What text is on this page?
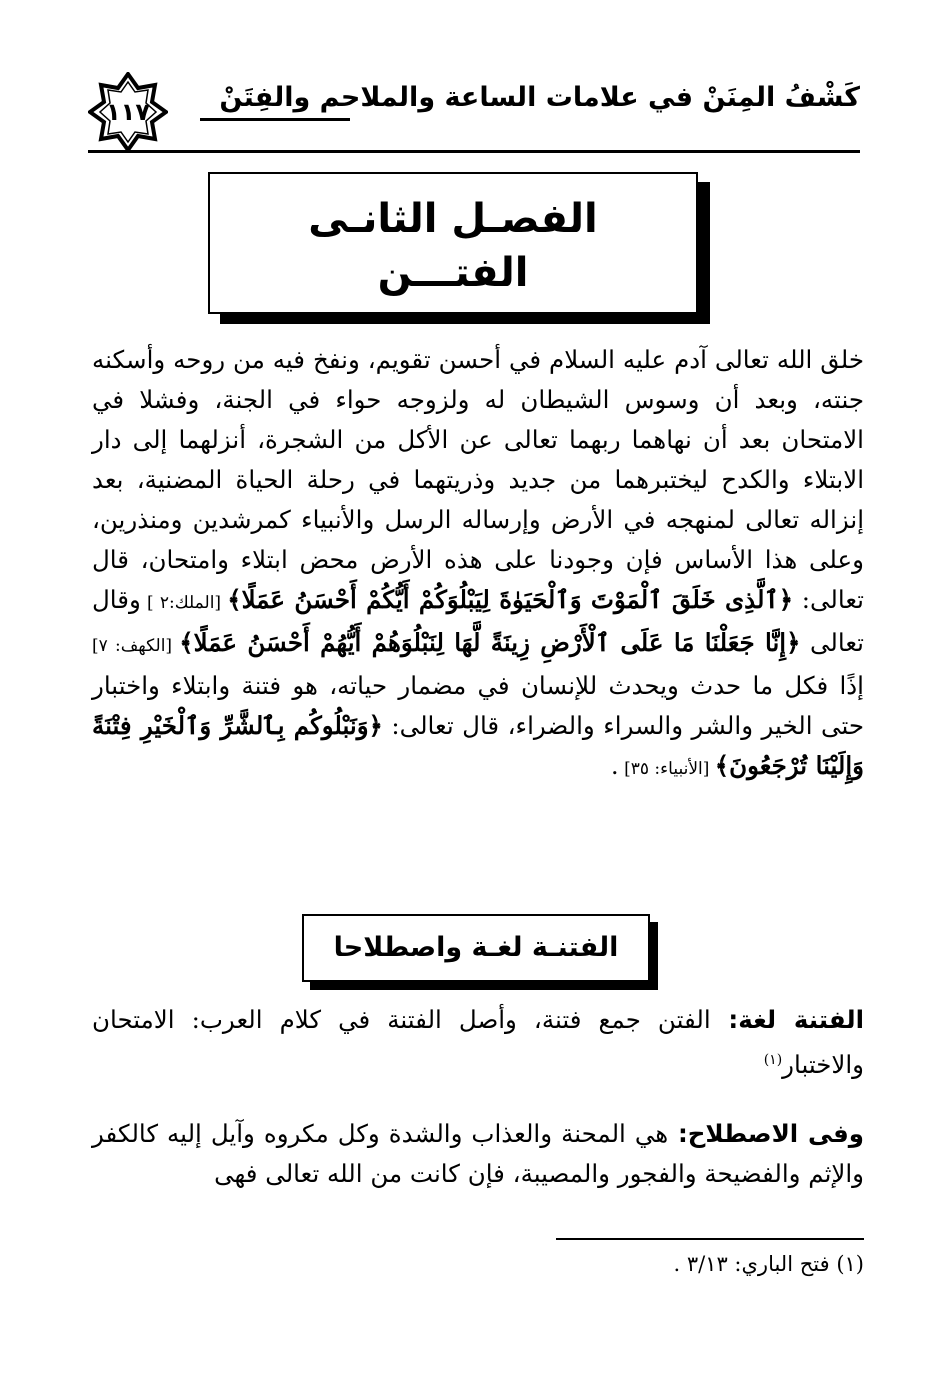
١١٧	كَشْفُ المِنَنْ في علامات الساعة والملاحم والفِتَنْ
الفصـل الثانـى
الفتـــن

خلق الله تعالى آدم عليه السلام في أحسن تقويم، ونفخ فيه من روحه وأسكنه جنته، وبعد أن وسوس الشيطان له ولزوجه حواء في الجنة، وفشلا في الامتحان بعد أن نهاهما ربهما تعالى عن الأكل من الشجرة، أنزلهما إلى دار الابتلاء والكدح ليختبرهما من جديد وذريتهما في رحلة الحياة المضنية، بعد إنزاله تعالى لمنهجه في الأرض وإرساله الرسل والأنبياء كمرشدين ومنذرين، وعلى هذا الأساس فإن وجودنا على هذه الأرض محض ابتلاء وامتحان، قال تعالى: ﴿ٱلَّذِى خَلَقَ ٱلْمَوْتَ وَٱلْحَيَوٰةَ لِيَبْلُوَكُمْ أَيُّكُمْ أَحْسَنُ عَمَلًا﴾ [الملك:٢ ] وقال تعالى ﴿إِنَّا جَعَلْنَا مَا عَلَى ٱلْأَرْضِ زِينَةً لَّهَا لِنَبْلُوَهُمْ أَيُّهُمْ أَحْسَنُ عَمَلًا﴾ [الكهف: ٧] إذًا فكل ما حدث ويحدث للإنسان في مضمار حياته، هو فتنة وابتلاء واختبار حتى الخير والشر والسراء والضراء، قال تعالى: ﴿وَنَبْلُوكُم بِٱلشَّرِّ وَٱلْخَيْرِ فِتْنَةً وَإِلَيْنَا تُرْجَعُونَ﴾ [الأنبياء: ٣٥] .

الفتنـة لغـة واصطلاحا
الفتنة لغة: الفتن جمع فتنة، وأصل الفتنة في كلام العرب: الامتحان والاختبار$^{(١)}$
وفى الاصطلاح: هي المحنة والعذاب والشدة وكل مكروه وآيل إليه كالكفر والإثم والفضيحة والفجور والمصيبة، فإن كانت من الله تعالى فهى
(١) فتح الباري: ٣/١٣ .
